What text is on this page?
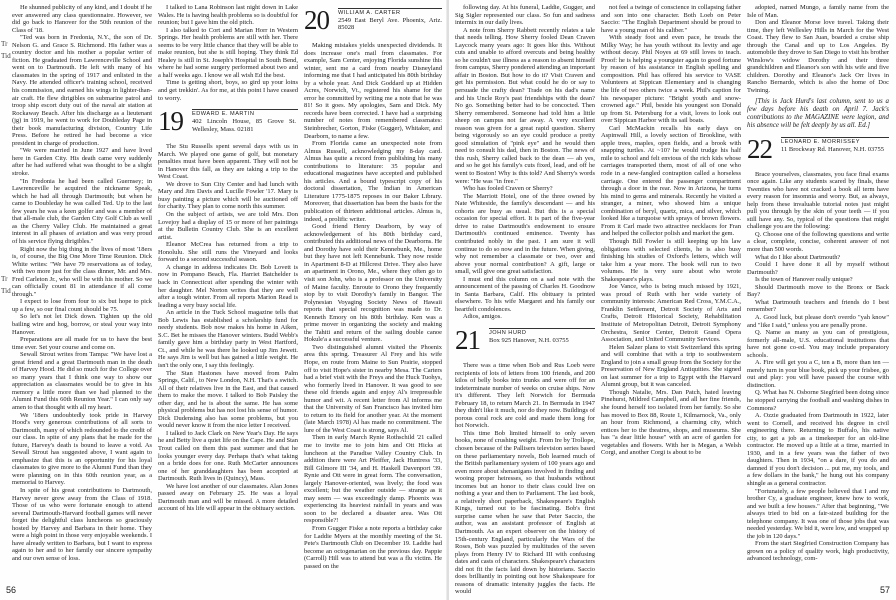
Tr
Tid
Tr
Tid

He shunned publicity of any kind, and I doubt if he ever answered any class questionnaire. However, we did go back to Hanover for the 50th reunion of the Class of '18.

"Ted was born in Fredonia, N.Y., the son of Dr. Nelson G. and Grace S. Richmond. His father was a country doctor and his mother a popular writer of fiction. He graduated from Lawrenceville School and went on to Dartmouth. He left with many of his classmates in the spring of 1917 and enlisted in the Navy. He attended officer's training school, received his commission, and earned his wings in lighter-than-air craft. He flew dirigibles on submarine patrol and troop ship escort duty out of the naval air station at Rockaway Beach. After his discharge as a lieutenant (jg) in 1919, he went to work for Doubleday Page in their book manufacturing division, Country Life Press. Before he retired he had become a vice president in charge of production.

"We were married in June 1927 and have lived here in Garden City. His death came very suddenly after he had suffered what was thought to be a slight stroke.

"In Fredonia he had been called Guernsey; in Lawrenceville he acquired the nickname Speak, which he had all through Dartmouth; but when he came to Doubleday he was called Ted. Up to the last few years he was a keen golfer and was a member of that all-male club, the Garden City Golf Club as well as the Cherry Valley Club. He maintained a great interest in all phases of aviation and was very proud of his service flying dirigibles."

Right now the big thing in the lives of most '18ers is, of course, the Big One More Time Reunion. Dick White writes: "We have 79 reservations as of today, with two more just for the class dinner, Mr. and Mrs. Fred Carleton Jr., who will be with his mother. So we can officially count 81 in attendance if all come through."

I expect to lose from four to six but hope to pick up a few, so our final count should be 75.

So let's not let Dick down. Tighten up the old bailing wire and hog, borrow, or steal your way into Hanover.

Preparations are all made for us to have the best time ever. Set your course and come on.

Sewall Strout writes from Tampa: "We have lost a great friend and a great Dartmouth man in the death of Harvey Hood. He did so much for the College over so many years that I think one way to show our appreciation as classmates would be to give in his memory a little more than we had planned to the Alumni Fund this 60th Reunion Year." I can only say amen to that thought with all my heart.

We '18ers undoubtedly took pride in Harvey Hood's very generous contributions of all sorts to Dartmouth, many of which redounded to the credit of our class. In spite of any plans that he made for the future, Harvey's death is bound to leave a void. As Sewall Strout has suggested above, I want again to emphasize that this is an opportunity for his loyal classmates to give more to the Alumni Fund than they were planning on in this 60th reunion year, as a memorial to Harvey.

In spite of his great contributions to Dartmouth, Harvey never grew away from the Class of 1918. Those of us who were fortunate enough to attend several Dartmouth-Harvard football games will never forget the delightful class luncheons so graciously hosted by Harvey and Barbara in their home. They were a high point in those very enjoyable weekends. I have already written to Barbara, but I want to express again to her and to her family our sincere sympathy and our own sense of loss.

I talked to Lana Robinson last night down in Lake Wales. He is having health problems so is doubtful for reunion; but I gave him the old pitch.

I also talked to Cort and Marian Horr in Western Springs. Her health problems are still with her. There seems to be very little chance that they will be able to make reunion, but she is still hoping. They think Ed Healey is still in St. Joseph's Hospital in South Bend, where he had some surgery performed about two and a half weeks ago. I know we all wish Ed the best.

Time is getting short, boys, so gird up your loins and get trekkin'. As for me, at this point I have ceased to worry.

19 EDWARD E. MARTIN
402 Lincoln House, 85 Grove St. Wellesley, Mass. 02181

The Stu Russells spent several days with us in March. We played one game of golf, but monetary penalties must have been apparent. They will not be in Hanover this fall, as they are taking a trip to the West Coast.

We drove to Sun City Center and had lunch with Mary and Jim Davis and Lucille Fowler '17. Mary is busy painting a picture which will be auctioned off for charity. They plan to come north this summer.

On the subject of artists, we are told Mrs. Don Lovejoy had a display of 15 or more of her paintings at the Bulletin Country Club. She is an excellent artist.

Eleanor McCrea has returned from a trip to Honolulu. She still runs the Vineyard and looks forward to a second successful season.

A change in address indicates Dr. Bob Lovett is now in Pompano Beach, Fla. Harriet Batchelder is back in Connecticut after spending the winter with her daughter. Mel Norton writes that they are well after a tough winter. From all reports Marion Read is leading a very busy social life.

An article in the Tuck School magazine tells that Bob Lewis has established a scholarship fund for needy students. Bob now makes his home in Aiken, S.C. Bet he misses the Hanover winters. Budd Webb's family gave him a birthday party in West Hartford, Ct., and while he was there he looked up Jim Jewett. He says Jim is well but has gained a little weight. He isn't the only one, I say this feelingly.

The Stan Hastones have moved from Palm Springs, Calif., to New London, N.H. That's a switch. All of their relatives live in the East, and that caused them to make the move. I talked to Bob Paisley the other day, and he is about the same. He has some physical problems but has not lost his sense of humor. Dick Dudensing also has some problems, but you would never know it from the nice letter I received.

I talked to Jack Clark on New Year's Day. He says he and Betty live a quiet life on the Cape. He and Stan Trout called on them this past summer and that he looks younger every day. Perhaps that's what taking on a bride does for one. Ruth McCarter announces one of her granddaughters has been accepted at Dartmouth. Ruth lives in (Quincy), Mass.

We have lost another of our classmates. Alan Jones passed away on February 25. He was a loyal Dartmouth man and will be missed. A more detailed account of his life will appear in the obituary section.

20 WILLIAM A. CARTER
2549 East Beryl Ave. Phoenix, Ariz. 85028

Making mistakes yields unexpected dividends. It does increase one's mail from classmates. For example, Sam Center, enjoying Florida sunshine this winter, sent me a card from nearby Disneyland informing me that I had anticipated his 80th birthday by a whole year. And Dick Goddard up at Hidden Acres, Norwich, Vt., registered his shame for the error he committed by writing me a note that he was 81! So it goes. My apologies, Sam and Dick. My records have been corrected. I have had a surprising number of notes from remembered classmates: Steinbrecher, Gorton, Fiske (Gugger), Whitaker, and Dearborn, to name a few.

From Florida came an unexpected note from Almus Russell, acknowledging my 8-day card. Almus has quite a record from publishing his many contributions to literature: 35 popular and educational magazines have accepted and published his articles. And a bound typescript copy of his doctoral dissertation, The Indian in American Literature 1775-1875 reposes in our Baker Library. Moreover, that dissertation has been the basis for the publication of thirteen additional articles. Almus is, indeed, a prolific writer.

Good friend Henry Dearborn, by way of acknowledgement of his 80th birthday card, contributed this additional news of the Dearborns. He and Dorothy have sold their Kennebunk, Me., home but they have not left Kennebunk. They now reside in Apartment 8-D at Hillcrest Drive. They also have an apartment in Orono, Me., where they often go to visit son John, who is a professor on the University of Maine faculty. Enroute to Orono they frequently stop by to visit Dorothy's family in Bangor. The Polynesian Voyaging Society News of Hawaii reports that special recognition was made to Dr. Kenneth Emory on his 80th birthday. Ken was a prime mover in organizing the society and making the Tahiti and return of the sailing double canoe Hokule'a a successful venture.

Two distinguished alumni visited the Phoenix area this spring. Treasurer Al Frey and his wife Hope, en route from Maine to Sun Prairie, stopped off to visit Hope's sister in nearby Mesa. The Carters had a brief visit with the Freys and the Huck Tuohys, who formerly lived in Hanover. It was good to see these old friends again and enjoy Al's irrepressible humor and wit. A recent letter from Al informs me that the University of San Francisco has invited him to return to its field for another year. At the moment (late March 1978) Al has made no commitment. The lure of the West Coast is strong, says Al.

Then in early March Rynie Rothschild '21 called me to invite me to join him and Ott Hicks at luncheon at the Paradise Valley Country Club. In addition there were Art Pfeiffer, Jack Huntress '33, Bill Gilmore III '34, and H. Haskell Davenport '39. Rynie and Ott were in great form. The conversation, largely Hanover-oriented, was lively; the food was excellent; but the weather outside — strange as it may seem — was exceedingly damp. Phoenix was experiencing its heaviest rainfall in years and was soon to be declared a disaster area. Was Ott responsible?!

From Gugger Fiske a note reports a birthday cake for Laddie Myers at the monthly meeting of the St. Pete's Dartmouth Club on December 19. Laddie had become an octogenarian on the previous day. Pappie (Carroll) Hill was to attend but was a flu victim. He passed on the

56

following day. At his funeral, Laddie, Gugger, and Sig Sigler represented our class. So fun and sadness intermix in our daily lives.

A note from Sherry Rabbett recently relates a tale that needs telling. How Sherry fooled Dean Craven Laycock many years ago: It goes like this. Without cuts and unable to afford overcuts and being healthy so he couldn't use illness as a reason to absent himself from campus, Sherry pondered attending an important affair in Boston. But how to do it? Visit Craven and get his permission. But what could he do or say to persuade the crafty dean? Trade on his dad's name and his Uncle Roy's past friendships with the dean? No go. Something better had to be concocted. Then Sherry remembered. Someone had told him a little sheep on campus not far away. A very excellent reason was given for a great rapid question. Sherry being vigorously so an eye could produce a pretty good simulation of "pink eye" and he would then need to consult his dad, then in Boston. The news of this rush, Sherry called back to the dean — ah yes, and so he got his family's cuts fixed, lead, and off he went to Boston! Why is this told? And Sherry's words were: "He was "in free."

Who has fooled Craven or Sherry?

The Marriott Hotel, one of the three owned by Nate Whiteside, the family's descendant — and his cohorts are busy as usual. But this is a special occasion for special effort. It is part of the five-year drive to raise Dartmouth's endowment to ensure Dartmouth's continued eminence. Twenty has contributed nobly in the past. I am sure it will continue to do so now and in the future. When giving, why not remember a classmate or two, over and above your normal contribution? A gift, large or small, will give one great satisfaction.

I must end this column on a sad note with the announcement of the passing of Charles H. Goodnow in Santa Barbara, Calif. His obituary is printed elsewhere. To his wife Margaret and his family our heartfelt condolences.

Adios, amigos.

21 JOHN HURD
Box 925 Hanover, N.H. 03755

There was a time when Bob and Rus Loeb were recipients of lots of letters from 100 friends, and 200 kilos of belly books into trunks and were off for an indeterminate number of weeks on cruise ships. Now it's different. They left Norwich for Bermuda February 18, to return March 21. In Bermuda in 1947 they didn't like it much, nor do they now. Buildings of porous coral rock are cold and made them long for hot Norwich.

This time Bob limited himself to only seven books, none of crushing weight. From Ire by Trollope, chosen because of the Pallisers television series based on these parliamentary novels, Bob learned much of the British parliamentary system of 100 years ago and even more about shenanigans involved in finding and wooing proper heiresses, so that husbands without incomes but an honor to their class could live on nothing a year and then to Parliament. The last book, a relatively short paperback, Shakespeare's English Kings, turned out to be fascinating. Bob's first surprise came when he saw that Peter Saccio, the author, was an assistant professor of English at Dartmouth. As an expert observer on the history of 15th-century England, particularly the Wars of the Roses, Bob was puzzled by multitudes of the seven plays from Henry IV to Richard III with confusing dates and casts of characters. Shakespeare's characters did not fit the facts laid down by historians. Saccio does brilliantly in pointing out how Shakespeare for reasons of dramatic intensity juggles the facts. He would

not feel a twinge of conscience in collapsing father and son into one character. Both Loeb on Peter Saccio: "The English Department should be proud to have a young man of his caliber."

With steady foot and even pace, he treads the Milky Way; he has youth without its levity and age without decay. Phil Noyes at 69 still loves to teach. Proof: he is helping a youngster again to good fortune by reason of his assistance in English spelling and composition. Phil has offered his service to VASE Volunteers at Sippican Elementary and is changing the life of two others twice a week. Phil's caption for his newspaper picture: "Bright youth and snow-crowned age." Phil, beside his youngest son Donald up from St. Petersburg for a visit, loves to look out over Sippican Harbor with its sail boats.

Carl McMackin recalls his early days on Aspinwall Hill, a lovely section of Brookline, with apple trees, maples, open fields, and a brook with snapping turtles. At ~10? he would trudge his half mile to school and felt envious of the rich kids whose carriages transported them, most of all of one who rode in a new-fangled contraption called a horseless carriage. One entered the passenger compartment through a door in the rear. Now in Arizona, he turns his mind to gems and minerals. Recently he visited a stranger, a miner, who showed him a unique combination of beryl, quartz, mica, and silver, which looked like a turquoise with sprays of brown flowers. From it Carl made two attractive necklaces for Fran and helped the collector polish and market the gem.

Though Bill Fowler is still keeping up his law obligations with selected clients, he is also busy finishing his studies of Oxford's letters, which will take him a year more. The book will run to two volumes. He is very sure about who wrote Shakespeare's plays.

Joe Vance, who is being much missed by 1921, was proud of Ruth with her wide variety of community interests: American Red Cross, Y.M.C.A., Franklin Settlement, Detroit Society of Arts and Crafts, Detroit Historical Society, Rehabilitation Institute of Metropolitan Detroit, Detroit Symphony Orchestra, Senior Center, Detroit Grand Opera Association, and United Community Services.

Helen Salzer plans to visit Switzerland this spring and will combine that with a trip to southwestern England to join a small group from the Society for the Preservation of New England Antiquities. She signed on last summer for a trip to Egypt with the Harvard Alumni group, but it was canceled.

Though Natalie, Mrs. Dan Patch, hated leaving Pinehurst, Mildred Campbell, and all her fine friends, she found herself too isolated from her family. So she has moved to Box 88, Route 1, Kilmarnock, Va., only an hour from Richmond, a charming city, which entices her to the theatres, shops, and museums. She has "a dear little house" with an acre of garden for vegetables and flowers. With her is Megan, a Welsh Corgi, and another Corgi is about to be

adopted, named Mungo, a family name from the Isle of Man.

Don and Eleanor Morse love travel. Taking their time, they left Wellesley Hills in March for the West Coast. They flew to San Juan, boarded a cruise ship through the Canal and up to Los Angeles. By automobile they drove to San Diego to visit his brother Winslow's widow Dorothy and their three grandchildren and Eleanor's son with his wife and five children. Dorothy and Eleanor's Jack Orr lives in Rancho Bernardo, which is also the home of Doc Twining.

[This is Jack Hurd's last column, sent to us a few days before his death on April 7. Jack's contributions to the MAGAZINE were legion, and his absence will be felt deeply by us all. Ed.]

22 LEONARD E. MORRISSEY
11 Brockway Rd. Hanover, N.H. 03755

Brace yourselves, classmates, you face final exams once again. Like any students scared by finals, these Twenties who have not cracked a book all term have every reason for insomnia and worry. But, as always, help from these invaluable tutorial notes just might pull you through by the skin of your teeth — if you still have any. So, typical of the questions that might challenge you are the following:

Q. Choose one of the following questions and write a clear, complete, concise, coherent answer of not more than 500 words.

What do I like about Dartmouth?

Could I have done it all by myself without Dartmouth?

Is the town of Hanover really unique?

Should Dartmouth move to the Bronx or Back Bay?

What Dartmouth teachers and friends do I best remember?

A. Good luck, but please don't overdo "yah know" and "like I said," unless you are penally prone.

Q. Name as many as you can of prestigious, formerly all-male, U.S. educational institutions that have not gone co-ed. You may include preparatory schools.

A. Fire will get you a C, ten a B, more than ten — merely turn in your blue book, pick up your frisbee, go out and play: you will have passed the course with distinction.

Q. What has N. Osborne Siegfried been doing since he stopped carrying the football and washing dishes in Commons?

A. Ozzie graduated from Dartmouth in 1922, later went to Cornell, and received his degree in civil engineering there. Returning to Buffalo, his native city, to get a job as a timekeeper for an old-line contractor. He moved up a little at a time, married in 1930, and in a few years was the father of two daughters. Then in 1934, "on a dare, if you do and damned if you don't decision ... put me, my tools, and a few dollars in the bank," he hung out his company shingle as a general contractor.

"Fortunately, a few people believed that I and my brother Cy, a graduate engineer, knew how to work, and we built a few houses." After that beginning, "We always tried to bid on a fair-sized building for the telephone company. It was one of those jobs that was needed yesterday. We bid it, were low, and wrapped up the job in 120 days."

From the start Siegfried Construction Company has grown on a policy of quality work, high productivity, advanced technology, com-

57
